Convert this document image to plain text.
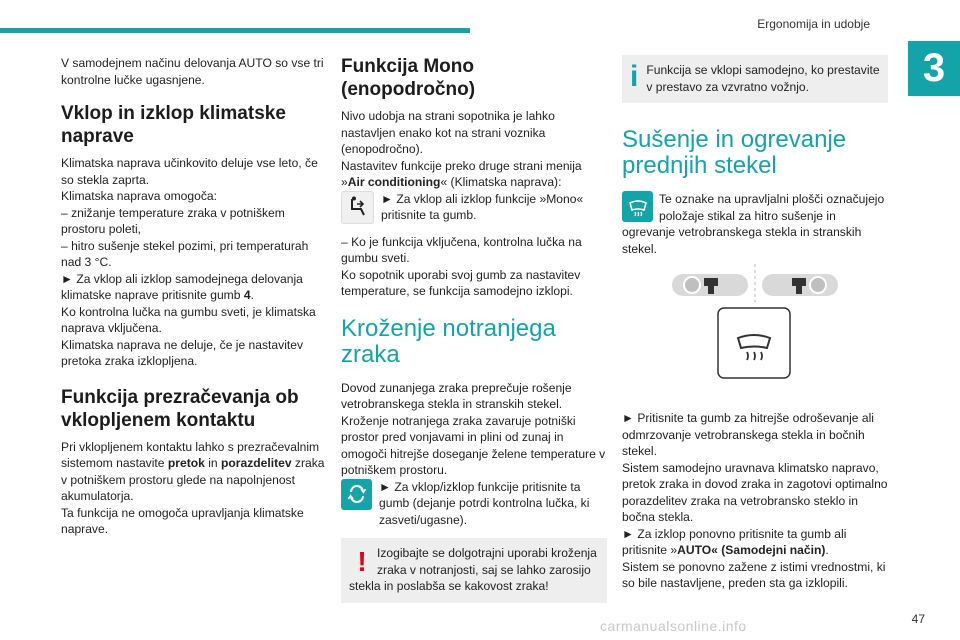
Ergonomija in udobje
3

V samodejnem načinu delovanja AUTO so vse tri kontrolne lučke ugasnjene.

Vklop in izklop klimatske naprave

Klimatska naprava učinkovito deluje vse leto, če so stekla zaprta.

Klimatska naprava omogoča:

– znižanje temperature zraka v potniškem prostoru poleti,

– hitro sušenje stekel pozimi, pri temperaturah nad 3 °C.

► Za vklop ali izklop samodejnega delovanja klimatske naprave pritisnite gumb 4.

Ko kontrolna lučka na gumbu sveti, je klimatska naprava vključena.

Klimatska naprava ne deluje, če je nastavitev pretoka zraka izklopljena.

Funkcija prezračevanja ob vklopljenem kontaktu

Pri vklopljenem kontaktu lahko s prezračevalnim sistemom nastavite pretok in porazdelitev zraka v potniškem prostoru glede na napolnjenost akumulatorja.

Ta funkcija ne omogoča upravljanja klimatske naprave.

Funkcija Mono (enopodročno)

Nivo udobja na strani sopotnika je lahko nastavljen enako kot na strani voznika (enopodročno).

Nastavitev funkcije preko druge strani menija »Air conditioning« (Klimatska naprava):

► Za vklop ali izklop funkcije »Mono« pritisnite ta gumb.

– Ko je funkcija vključena, kontrolna lučka na gumbu sveti.

Ko sopotnik uporabi svoj gumb za nastavitev temperature, se funkcija samodejno izklopi.

Kroženje notranjega
zraka

Dovod zunanjega zraka preprečuje rošenje vetrobranskega stekla in stranskih stekel.

Kroženje notranjega zraka zavaruje potniški prostor pred vonjavami in plini od zunaj in omogoči hitrejše doseganje želene temperature v potniškem prostoru.

► Za vklop/izklop funkcije pritisnite ta gumb (dejanje potrdi kontrolna lučka, ki zasveti/ugasne).

! Izogibajte se dolgotrajni uporabi kroženja zraka v notranjosti, saj se lahko zarosijo stekla in poslabša se kakovost zraka!

i Funkcija se vklopi samodejno, ko prestavite v prestavo za vzvratno vožnjo.

Sušenje in ogrevanje
prednjih stekel

Te oznake na upravljalni plošči označujejo položaje stikal za hitro sušenje in ogrevanje vetrobranskega stekla in stranskih stekel.

► Pritisnite ta gumb za hitrejše odroševanje ali odmrzovanje vetrobranskega stekla in bočnih stekel.

Sistem samodejno uravnava klimatsko napravo, pretok zraka in dovod zraka in zagotovi optimalno porazdelitev zraka na vetrobransko steklo in bočna stekla.

► Za izklop ponovno pritisnite ta gumb ali pritisnite »AUTO« (Samodejni način).

Sistem se ponovno zažene z istimi vrednostmi, ki so bile nastavljene, preden sta ga izklopili.

47
carmanualsonline.info
